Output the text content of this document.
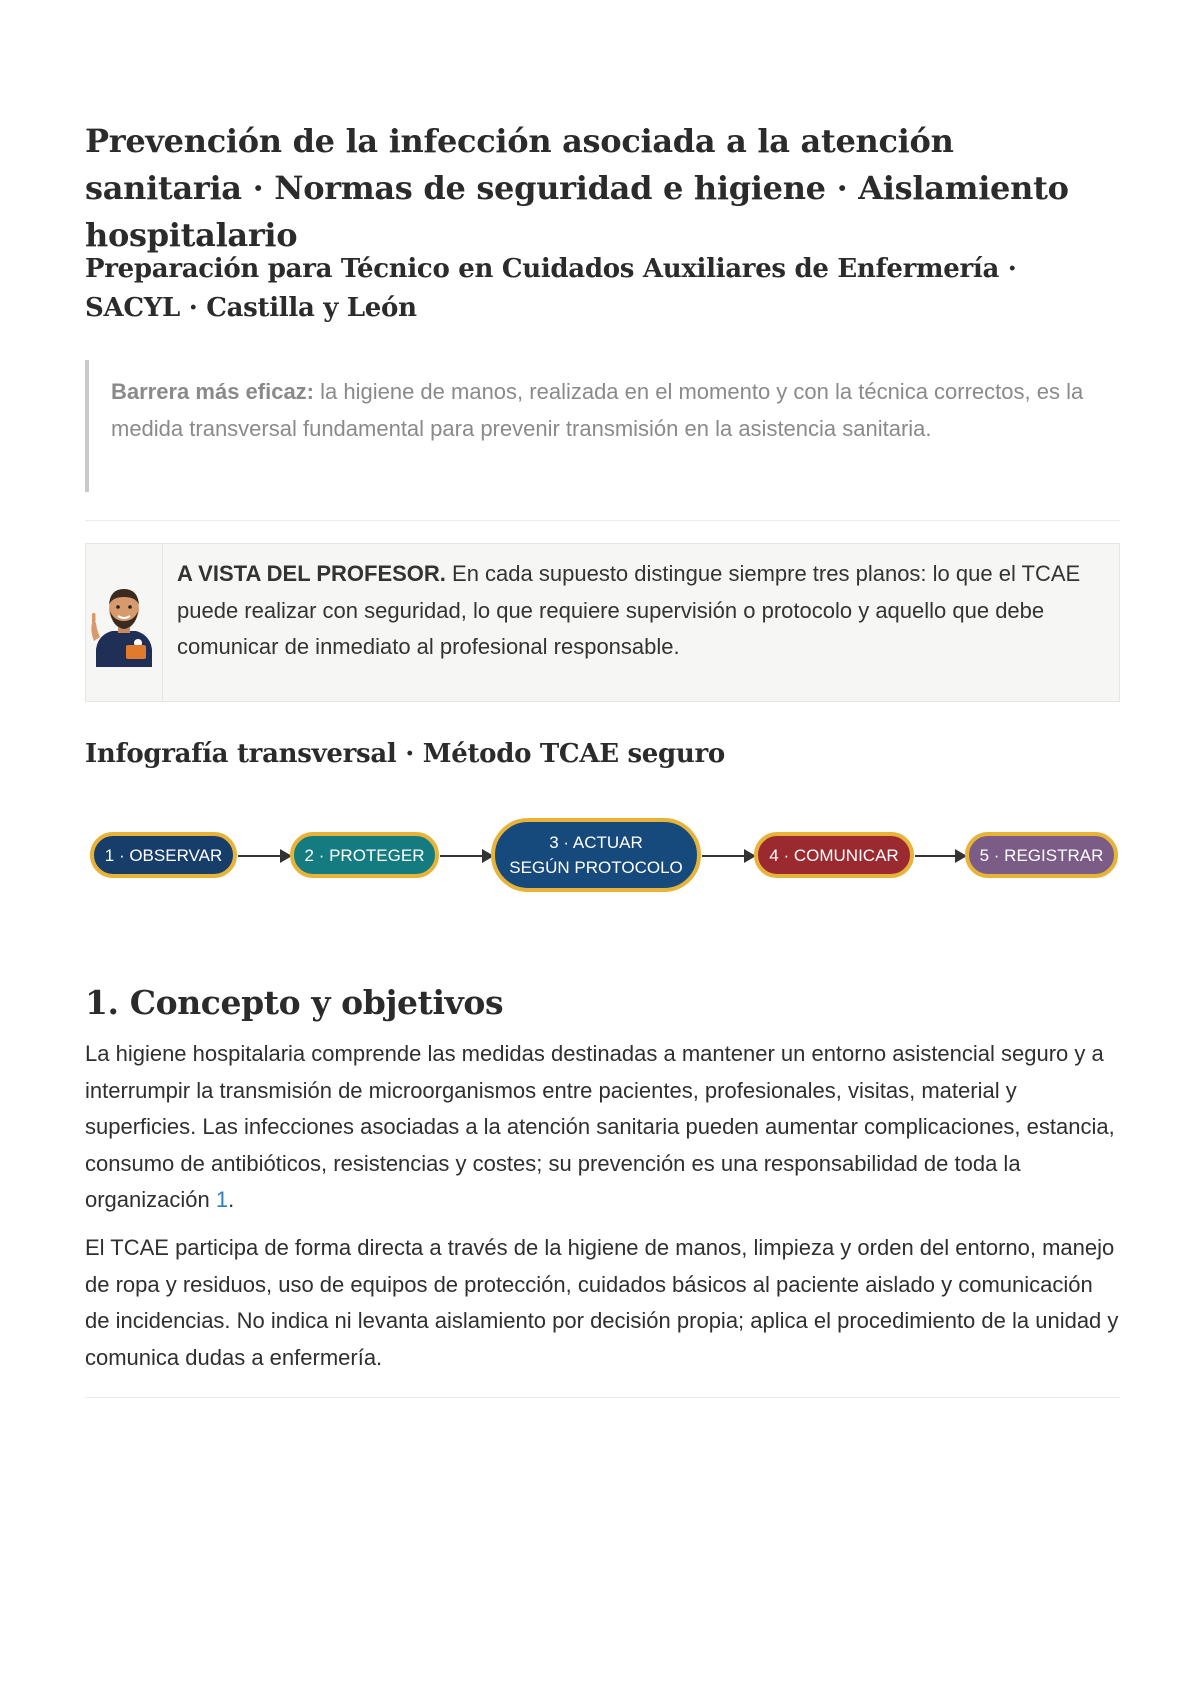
Prevención de la infección asociada a la atención sanitaria · Normas de seguridad e higiene · Aislamiento hospitalario
Preparación para Técnico en Cuidados Auxiliares de Enfermería · SACYL · Castilla y León
Barrera más eficaz: la higiene de manos, realizada en el momento y con la técnica correctos, es la medida transversal fundamental para prevenir transmisión en la asistencia sanitaria.
A VISTA DEL PROFESOR. En cada supuesto distingue siempre tres planos: lo que el TCAE puede realizar con seguridad, lo que requiere supervisión o protocolo y aquello que debe comunicar de inmediato al profesional responsable.
Infografía transversal · Método TCAE seguro
1 · OBSERVAR	2 · PROTEGER
3 · ACTUAR
SEGÚN PROTOCOLO
4 · COMUNICAR	5 · REGISTRAR
1. Concepto y objetivos

La higiene hospitalaria comprende las medidas destinadas a mantener un entorno asistencial seguro y a interrumpir la transmisión de microorganismos entre pacientes, profesionales, visitas, material y superficies. Las infecciones asociadas a la atención sanitaria pueden aumentar complicaciones, estancia, consumo de antibióticos, resistencias y costes; su prevención es una responsabilidad de toda la organización 1.

El TCAE participa de forma directa a través de la higiene de manos, limpieza y orden del entorno, manejo de ropa y residuos, uso de equipos de protección, cuidados básicos al paciente aislado y comunicación de incidencias. No indica ni levanta aislamiento por decisión propia; aplica el procedimiento de la unidad y comunica dudas a enfermería.
